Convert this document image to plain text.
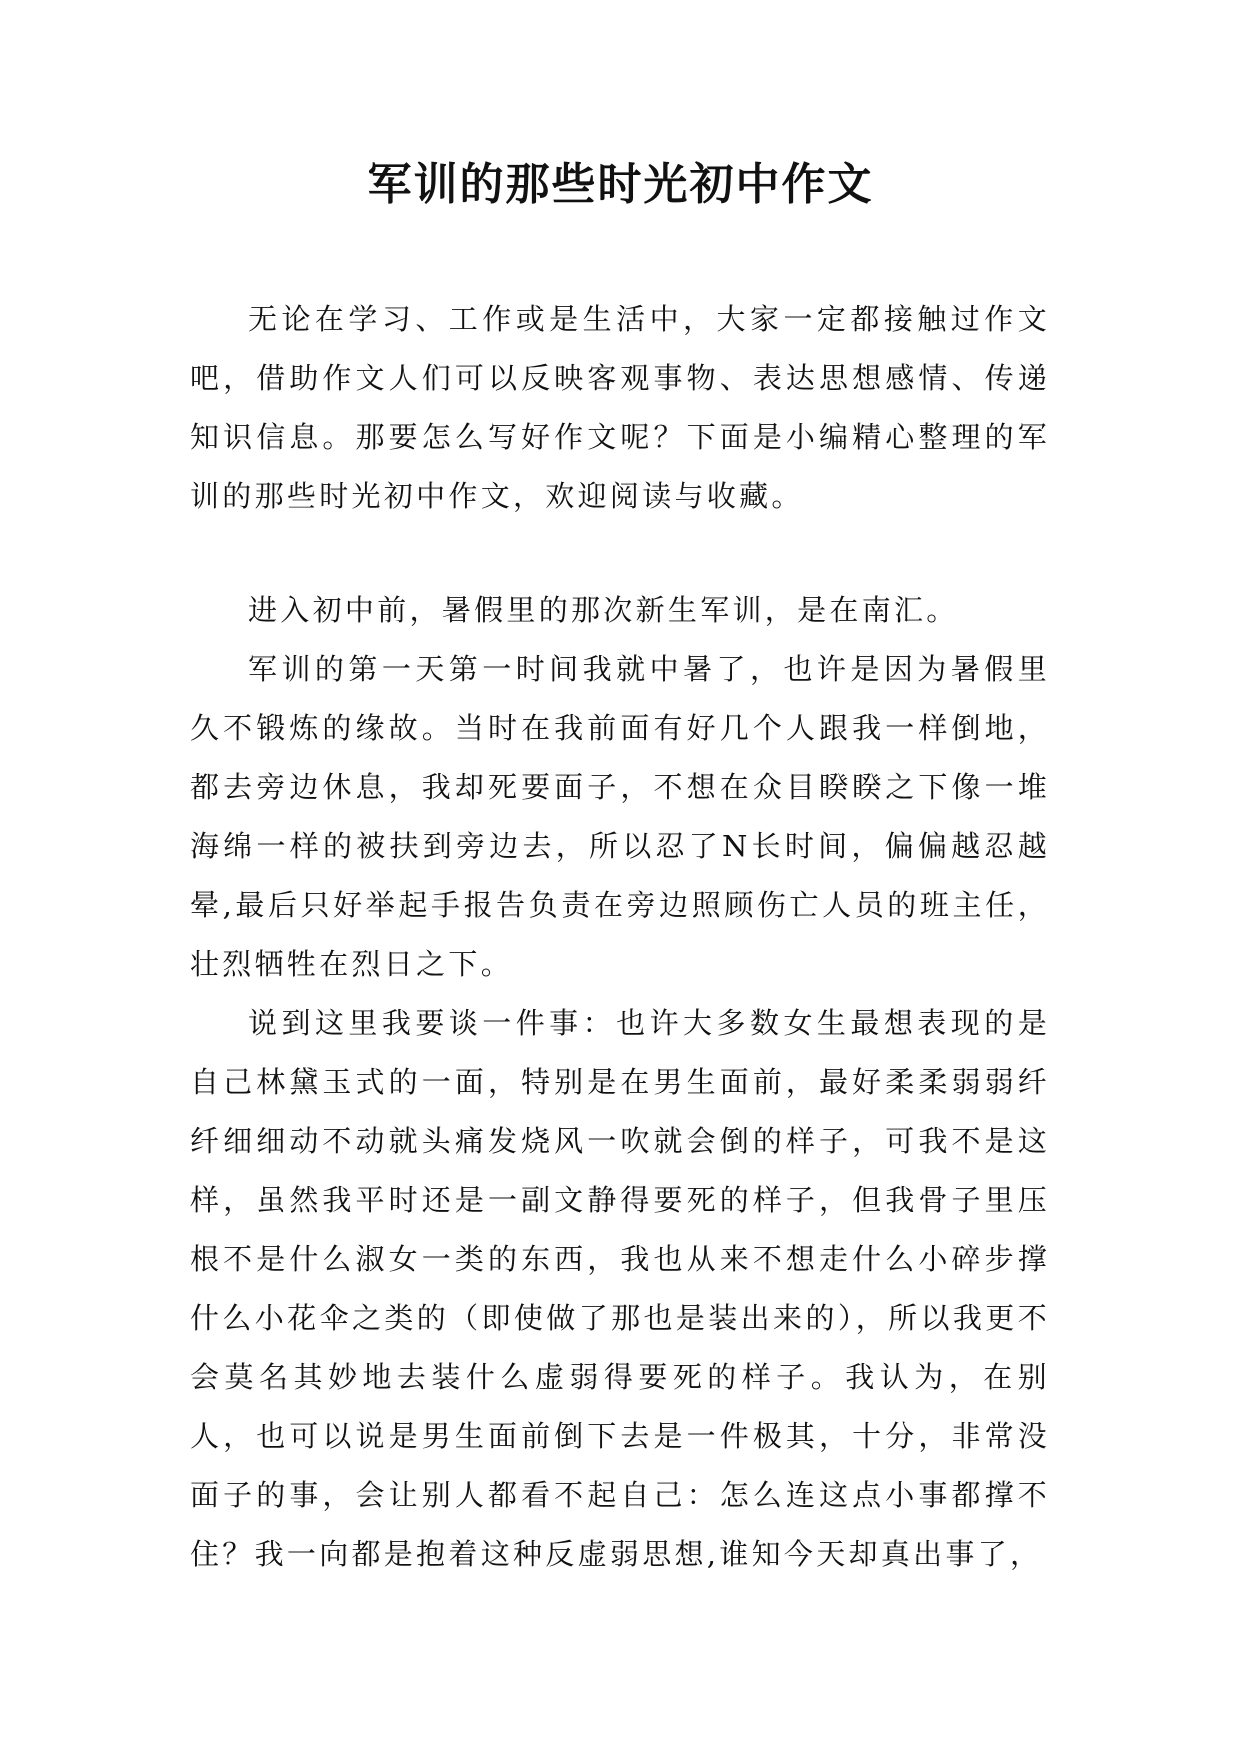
军训的那些时光初中作文

无论在学习、工作或是生活中，大家一定都接触过作文吧，借助作文人们可以反映客观事物、表达思想感情、传递知识信息。那要怎么写好作文呢？下面是小编精心整理的军训的那些时光初中作文，欢迎阅读与收藏。

进入初中前，暑假里的那次新生军训，是在南汇。

军训的第一天第一时间我就中暑了，也许是因为暑假里久不锻炼的缘故。当时在我前面有好几个人跟我一样倒地，都去旁边休息，我却死要面子，不想在众目睽睽之下像一堆海绵一样的被扶到旁边去，所以忍了N长时间，偏偏越忍越晕,最后只好举起手报告负责在旁边照顾伤亡人员的班主任，壮烈牺牲在烈日之下。

说到这里我要谈一件事：也许大多数女生最想表现的是自己林黛玉式的一面，特别是在男生面前，最好柔柔弱弱纤纤细细动不动就头痛发烧风一吹就会倒的样子，可我不是这样，虽然我平时还是一副文静得要死的样子，但我骨子里压根不是什么淑女一类的东西，我也从来不想走什么小碎步撑什么小花伞之类的（即使做了那也是装出来的），所以我更不会莫名其妙地去装什么虚弱得要死的样子。我认为，在别人，也可以说是男生面前倒下去是一件极其，十分，非常没面子的事，会让别人都看不起自己：怎么连这点小事都撑不住？我一向都是抱着这种反虚弱思想,谁知今天却真出事了，
